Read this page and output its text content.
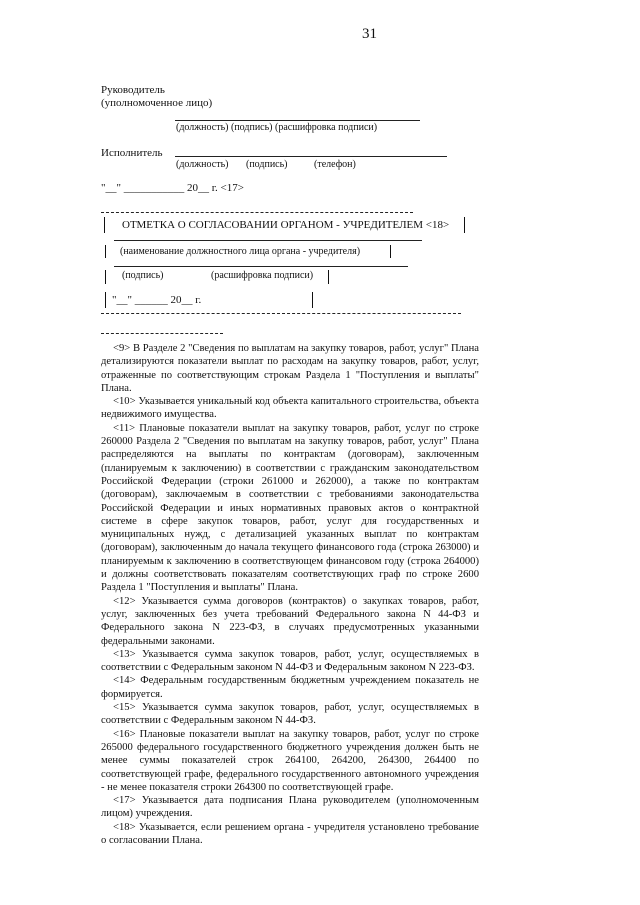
31
Руководитель
(уполномоченное лицо)
(должность) (подпись) (расшифровка подписи)
Исполнитель
(должность) (подпись)	(телефон)
"__" ___________ 20__ г. <17>
ОТМЕТКА О СОГЛАСОВАНИИ ОРГАНОМ - УЧРЕДИТЕЛЕМ <18>
(наименование должностного лица органа - учредителя)
(подпись)	(расшифровка подписи)
"__" ______ 20__ г.

<9> В Разделе 2 "Сведения по выплатам на закупку товаров, работ, услуг" Плана детализируются показатели выплат по расходам на закупку товаров, работ, услуг, отраженные по соответствующим строкам Раздела 1 "Поступления и выплаты" Плана.

<10> Указывается уникальный код объекта капитального строительства, объекта недвижимого имущества.

<11> Плановые показатели выплат на закупку товаров, работ, услуг по строке 260000 Раздела 2 "Сведения по выплатам на закупку товаров, работ, услуг" Плана распределяются на выплаты по контрактам (договорам), заключенным (планируемым к заключению) в соответствии с гражданским законодательством Российской Федерации (строки 261000 и 262000), а также по контрактам (договорам), заключаемым в соответствии с требованиями законодательства Российской Федерации и иных нормативных правовых актов о контрактной системе в сфере закупок товаров, работ, услуг для государственных и муниципальных нужд, с детализацией указанных выплат по контрактам (договорам), заключенным до начала текущего финансового года (строка 263000) и планируемым к заключению в соответствующем финансовом году (строка 264000) и должны соответствовать показателям соответствующих граф по строке 2600 Раздела 1 "Поступления и выплаты" Плана.

<12> Указывается сумма договоров (контрактов) о закупках товаров, работ, услуг, заключенных без учета требований Федерального закона N 44-ФЗ и Федерального закона N 223-ФЗ, в случаях предусмотренных указанными федеральными законами.

<13> Указывается сумма закупок товаров, работ, услуг, осуществляемых в соответствии с Федеральным законом N 44-ФЗ и Федеральным законом N 223-ФЗ.

<14> Федеральным государственным бюджетным учреждением показатель не формируется.

<15> Указывается сумма закупок товаров, работ, услуг, осуществляемых в соответствии с Федеральным законом N 44-ФЗ.

<16> Плановые показатели выплат на закупку товаров, работ, услуг по строке 265000 федерального государственного бюджетного учреждения должен быть не менее суммы показателей строк 264100, 264200, 264300, 264400 по соответствующей графе, федерального государственного автономного учреждения - не менее показателя строки 264300 по соответствующей графе.

<17> Указывается дата подписания Плана руководителем (уполномоченным лицом) учреждения.

<18> Указывается, если решением органа - учредителя установлено требование о согласовании Плана.
